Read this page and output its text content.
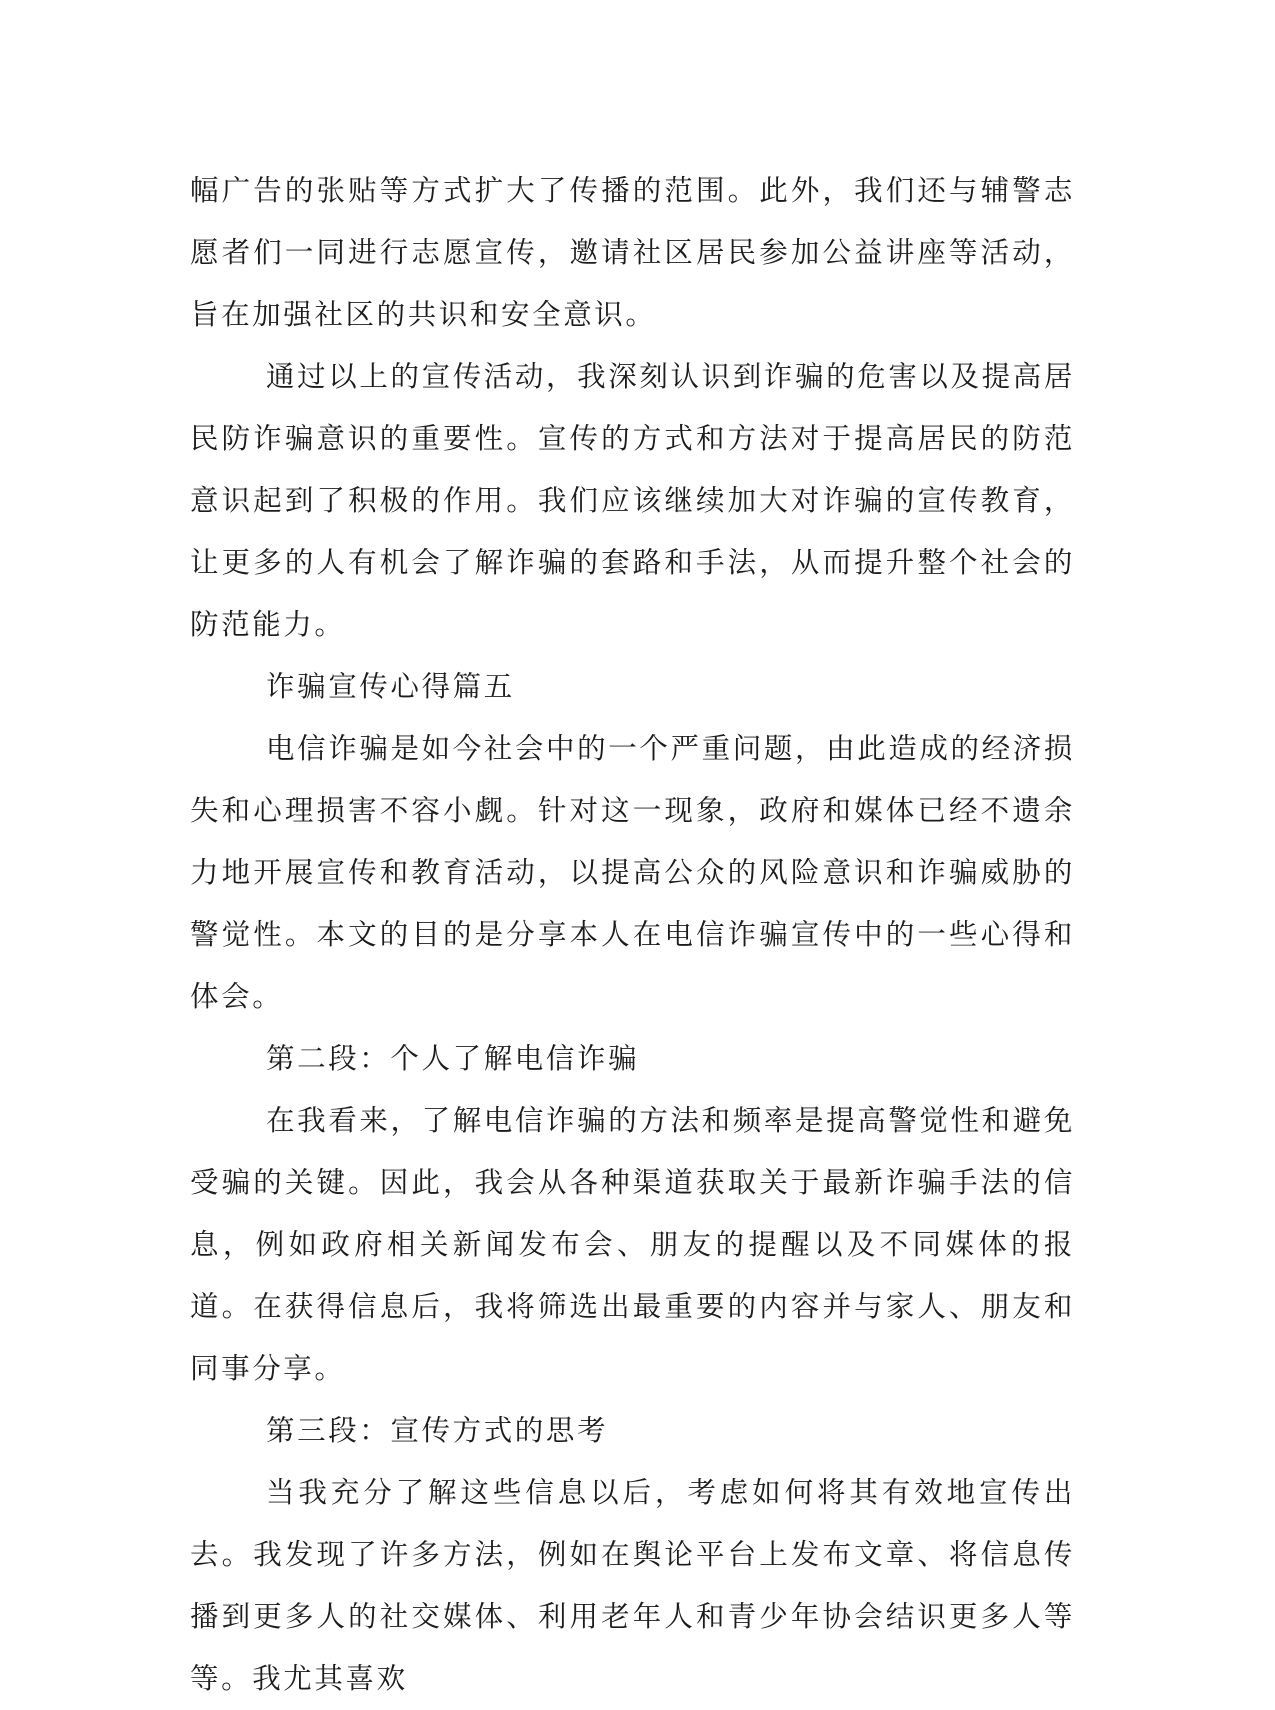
幅广告的张贴等方式扩大了传播的范围。此外，我们还与辅警志愿者们一同进行志愿宣传，邀请社区居民参加公益讲座等活动，旨在加强社区的共识和安全意识。

通过以上的宣传活动，我深刻认识到诈骗的危害以及提高居民防诈骗意识的重要性。宣传的方式和方法对于提高居民的防范意识起到了积极的作用。我们应该继续加大对诈骗的宣传教育，让更多的人有机会了解诈骗的套路和手法，从而提升整个社会的防范能力。

诈骗宣传心得篇五

电信诈骗是如今社会中的一个严重问题，由此造成的经济损失和心理损害不容小觑。针对这一现象，政府和媒体已经不遗余力地开展宣传和教育活动，以提高公众的风险意识和诈骗威胁的警觉性。本文的目的是分享本人在电信诈骗宣传中的一些心得和体会。

第二段：个人了解电信诈骗

在我看来，了解电信诈骗的方法和频率是提高警觉性和避免受骗的关键。因此，我会从各种渠道获取关于最新诈骗手法的信息，例如政府相关新闻发布会、朋友的提醒以及不同媒体的报道。在获得信息后，我将筛选出最重要的内容并与家人、朋友和同事分享。

第三段：宣传方式的思考

当我充分了解这些信息以后，考虑如何将其有效地宣传出去。我发现了许多方法，例如在舆论平台上发布文章、将信息传播到更多人的社交媒体、利用老年人和青少年协会结识更多人等等。我尤其喜欢
